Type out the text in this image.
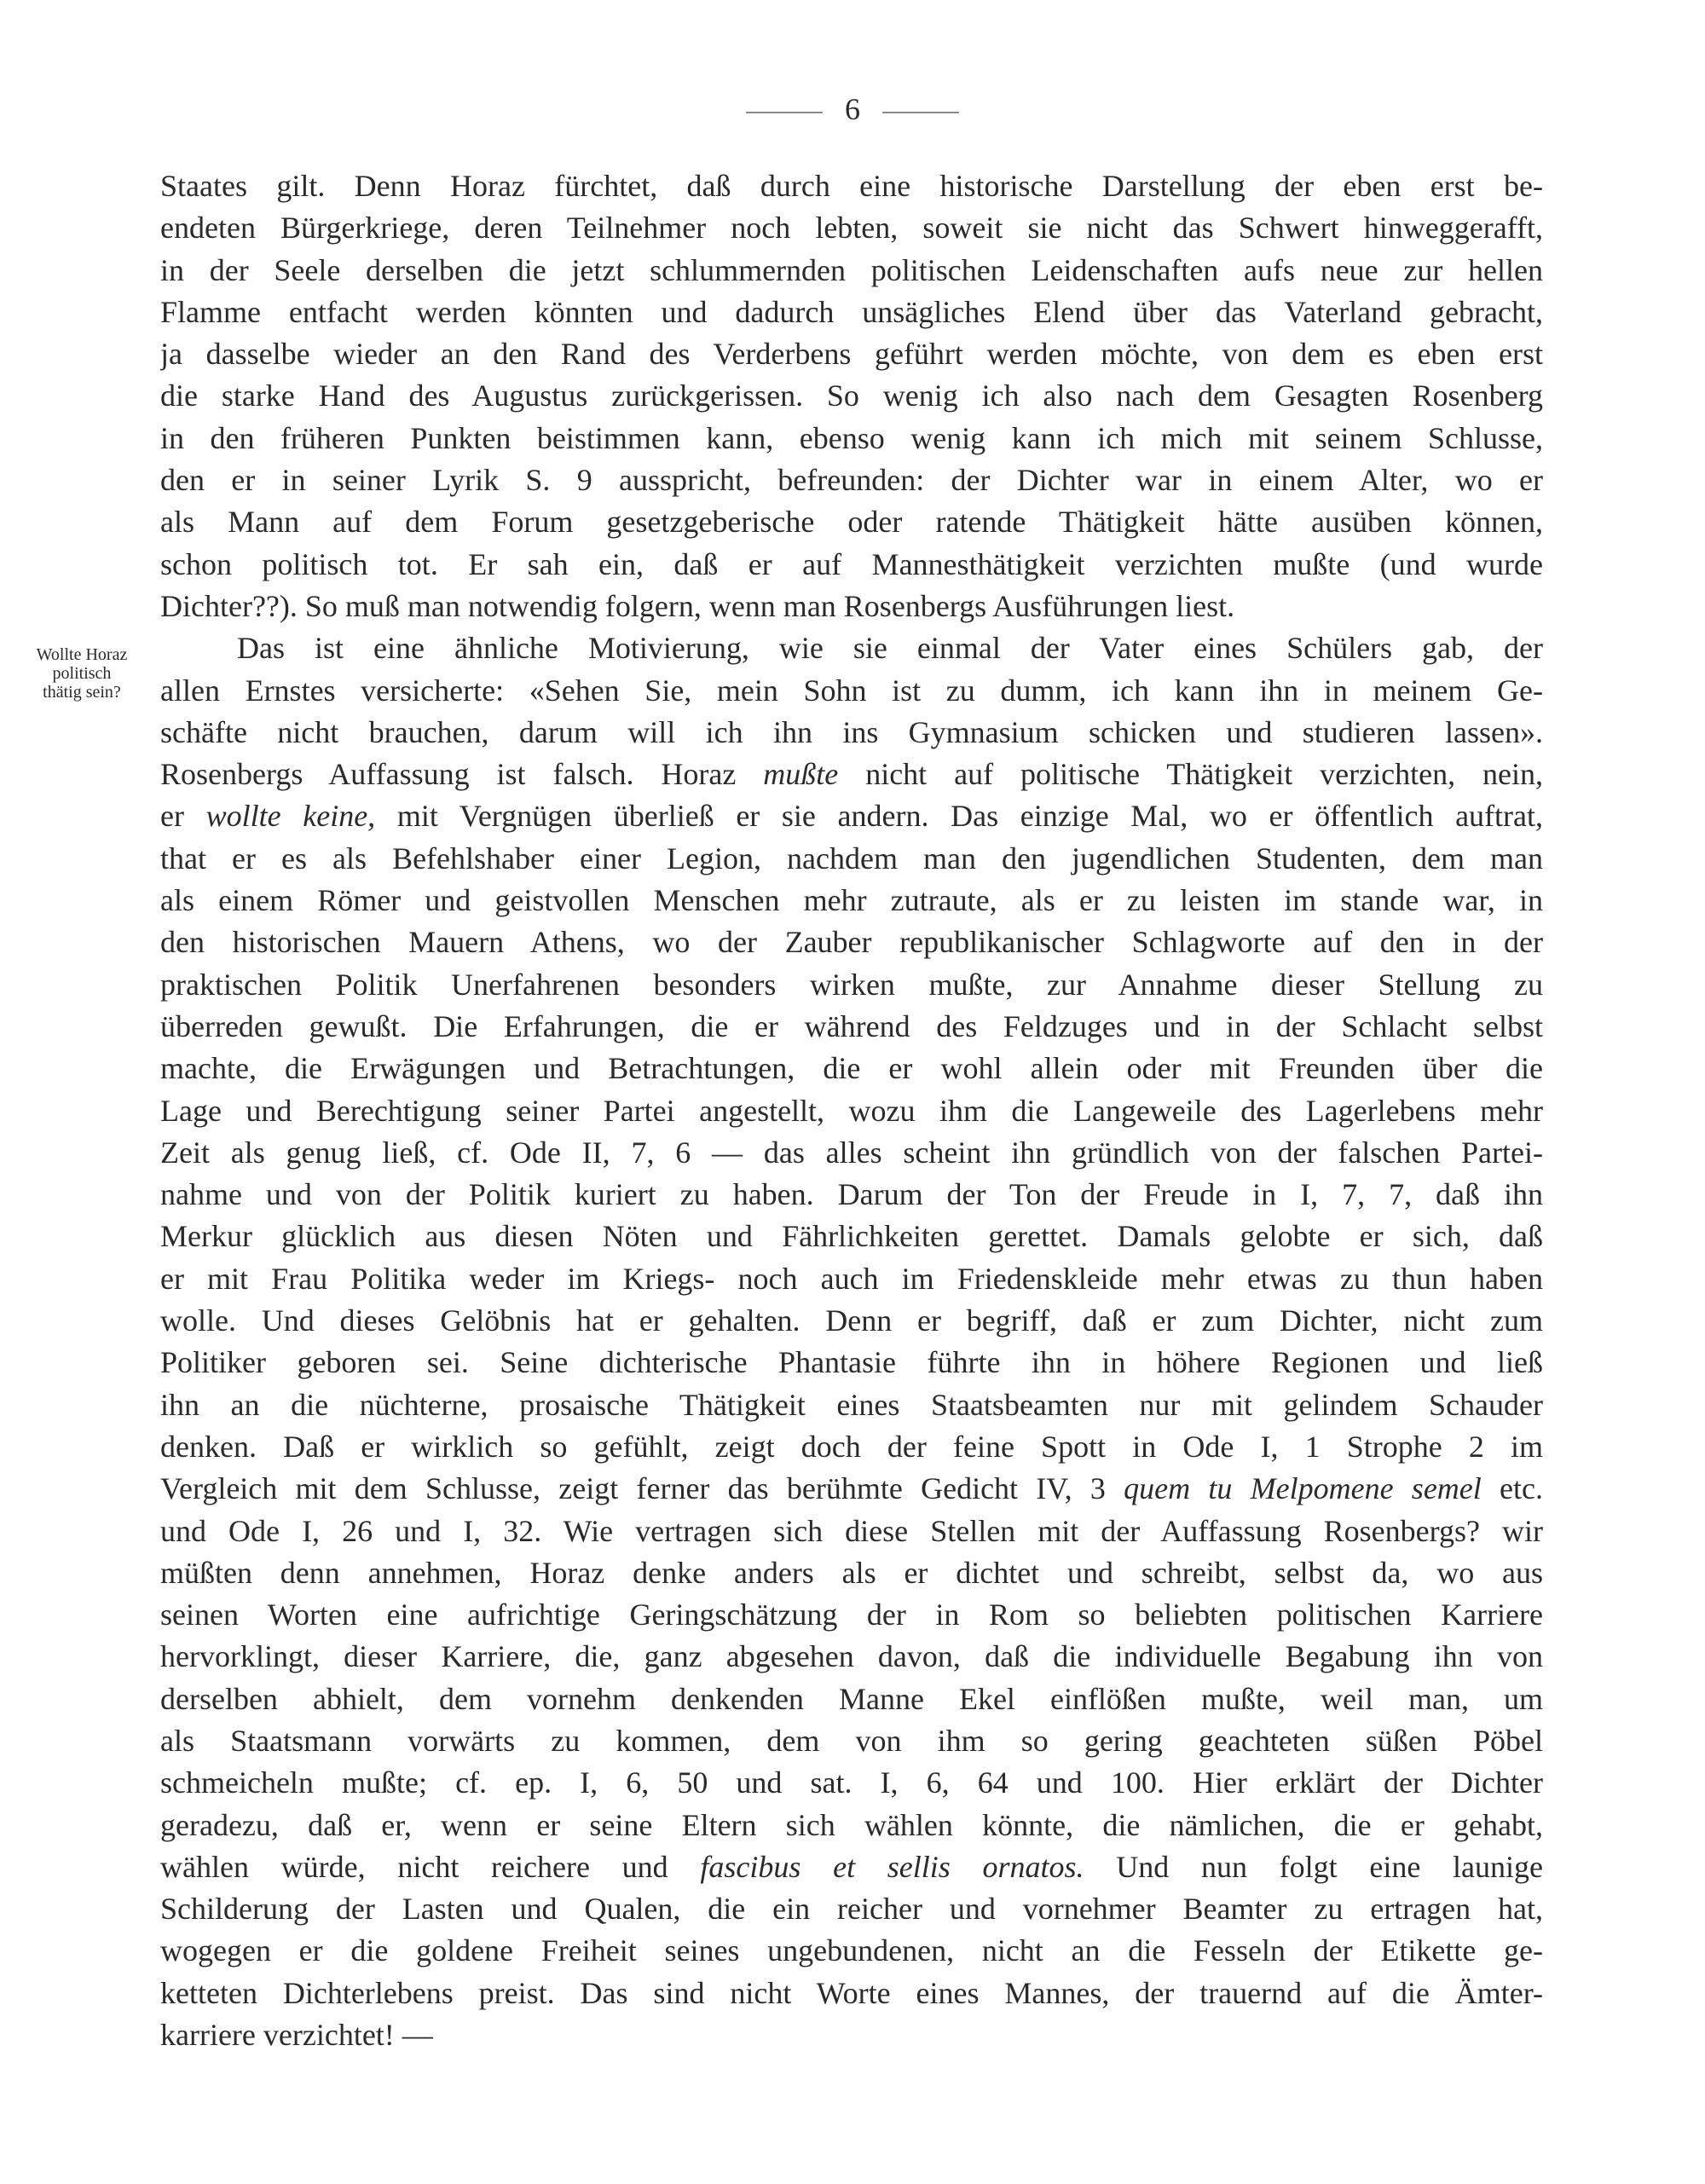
6
Wollte Horaz
politisch
thätig sein?
Staates gilt. Denn Horaz fürchtet, daß durch eine historische Darstellung der eben erst be-
endeten Bürgerkriege, deren Teilnehmer noch lebten, soweit sie nicht das Schwert hinweggerafft,
in der Seele derselben die jetzt schlummernden politischen Leidenschaften aufs neue zur hellen
Flamme entfacht werden könnten und dadurch unsägliches Elend über das Vaterland gebracht,
ja dasselbe wieder an den Rand des Verderbens geführt werden möchte, von dem es eben erst
die starke Hand des Augustus zurückgerissen. So wenig ich also nach dem Gesagten Rosenberg
in den früheren Punkten beistimmen kann, ebenso wenig kann ich mich mit seinem Schlusse,
den er in seiner Lyrik S. 9 ausspricht, befreunden: der Dichter war in einem Alter, wo er
als Mann auf dem Forum gesetzgeberische oder ratende Thätigkeit hätte ausüben können,
schon politisch tot. Er sah ein, daß er auf Mannesthätigkeit verzichten mußte (und wurde
Dichter??). So muß man notwendig folgern, wenn man Rosenbergs Ausführungen liest.
Das ist eine ähnliche Motivierung, wie sie einmal der Vater eines Schülers gab, der
allen Ernstes versicherte: «Sehen Sie, mein Sohn ist zu dumm, ich kann ihn in meinem Ge-
schäfte nicht brauchen, darum will ich ihn ins Gymnasium schicken und studieren lassen».
Rosenbergs Auffassung ist falsch. Horaz mußte nicht auf politische Thätigkeit verzichten, nein,
er wollte keine, mit Vergnügen überließ er sie andern. Das einzige Mal, wo er öffentlich auftrat,
that er es als Befehlshaber einer Legion, nachdem man den jugendlichen Studenten, dem man
als einem Römer und geistvollen Menschen mehr zutraute, als er zu leisten im stande war, in
den historischen Mauern Athens, wo der Zauber republikanischer Schlagworte auf den in der
praktischen Politik Unerfahrenen besonders wirken mußte, zur Annahme dieser Stellung zu
überreden gewußt. Die Erfahrungen, die er während des Feldzuges und in der Schlacht selbst
machte, die Erwägungen und Betrachtungen, die er wohl allein oder mit Freunden über die
Lage und Berechtigung seiner Partei angestellt, wozu ihm die Langeweile des Lagerlebens mehr
Zeit als genug ließ, cf. Ode II, 7, 6 — das alles scheint ihn gründlich von der falschen Partei-
nahme und von der Politik kuriert zu haben. Darum der Ton der Freude in I, 7, 7, daß ihn
Merkur glücklich aus diesen Nöten und Fährlichkeiten gerettet. Damals gelobte er sich, daß
er mit Frau Politika weder im Kriegs- noch auch im Friedenskleide mehr etwas zu thun haben
wolle. Und dieses Gelöbnis hat er gehalten. Denn er begriff, daß er zum Dichter, nicht zum
Politiker geboren sei. Seine dichterische Phantasie führte ihn in höhere Regionen und ließ
ihn an die nüchterne, prosaische Thätigkeit eines Staatsbeamten nur mit gelindem Schauder
denken. Daß er wirklich so gefühlt, zeigt doch der feine Spott in Ode I, 1 Strophe 2 im
Vergleich mit dem Schlusse, zeigt ferner das berühmte Gedicht IV, 3 quem tu Melpomene semel etc.
und Ode I, 26 und I, 32. Wie vertragen sich diese Stellen mit der Auffassung Rosenbergs? wir
müßten denn annehmen, Horaz denke anders als er dichtet und schreibt, selbst da, wo aus
seinen Worten eine aufrichtige Geringschätzung der in Rom so beliebten politischen Karriere
hervorklingt, dieser Karriere, die, ganz abgesehen davon, daß die individuelle Begabung ihn von
derselben abhielt, dem vornehm denkenden Manne Ekel einflößen mußte, weil man, um
als Staatsmann vorwärts zu kommen, dem von ihm so gering geachteten süßen Pöbel
schmeicheln mußte; cf. ep. I, 6, 50 und sat. I, 6, 64 und 100. Hier erklärt der Dichter
geradezu, daß er, wenn er seine Eltern sich wählen könnte, die nämlichen, die er gehabt,
wählen würde, nicht reichere und fascibus et sellis ornatos. Und nun folgt eine launige
Schilderung der Lasten und Qualen, die ein reicher und vornehmer Beamter zu ertragen hat,
wogegen er die goldene Freiheit seines ungebundenen, nicht an die Fesseln der Etikette ge-
ketteten Dichterlebens preist. Das sind nicht Worte eines Mannes, der trauernd auf die Ämter-
karriere verzichtet! —
